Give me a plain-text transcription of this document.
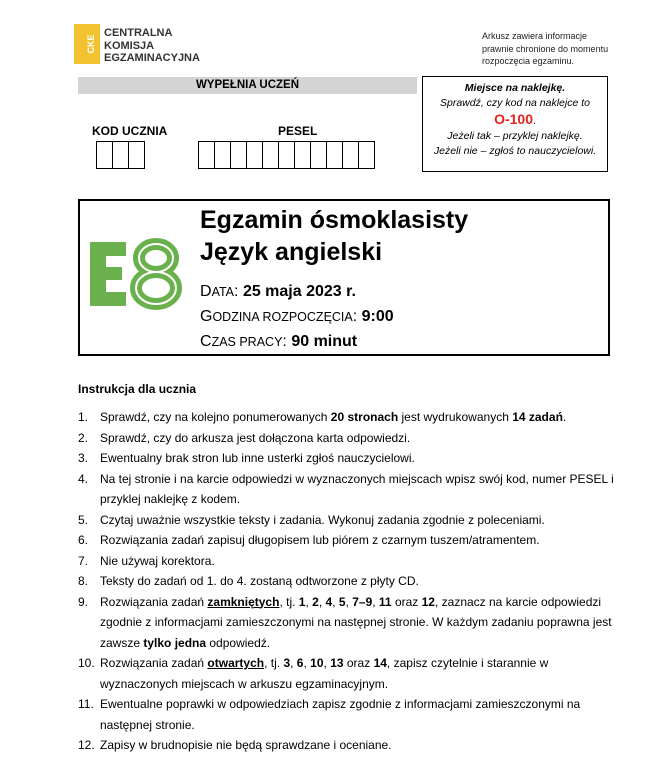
CKE
CENTRALNA
KOMISJA
EGZAMINACYJNA
Arkusz zawiera informacje
prawnie chronione do momentu
rozpoczęcia egzaminu.
WYPEŁNIA UCZEŃ
KOD UCZNIA	PESEL
Miejsce na naklejkę.
Sprawdź, czy kod na naklejce to
O-100.
Jeżeli tak – przyklej naklejkę.
Jeżeli nie – zgłoś to nauczycielowi.
E8
Egzamin ósmoklasisty
Język angielski
DATA: 25 maja 2023 r.
GODZINA ROZPOCZĘCIA: 9:00
CZAS PRACY: 90 minut
Instrukcja dla ucznia
1. Sprawdź, czy na kolejno ponumerowanych 20 stronach jest wydrukowanych 14 zadań.
2. Sprawdź, czy do arkusza jest dołączona karta odpowiedzi.
3. Ewentualny brak stron lub inne usterki zgłoś nauczycielowi.
4. Na tej stronie i na karcie odpowiedzi w wyznaczonych miejscach wpisz swój kod, numer PESEL i przyklej naklejkę z kodem.
5. Czytaj uważnie wszystkie teksty i zadania. Wykonuj zadania zgodnie z poleceniami.
6. Rozwiązania zadań zapisuj długopisem lub piórem z czarnym tuszem/atramentem.
7. Nie używaj korektora.
8. Teksty do zadań od 1. do 4. zostaną odtworzone z płyty CD.
9. Rozwiązania zadań zamkniętych, tj. 1, 2, 4, 5, 7–9, 11 oraz 12, zaznacz na karcie odpowiedzi zgodnie z informacjami zamieszczonymi na następnej stronie. W każdym zadaniu poprawna jest zawsze tylko jedna odpowiedź.
10. Rozwiązania zadań otwartych, tj. 3, 6, 10, 13 oraz 14, zapisz czytelnie i starannie w wyznaczonych miejscach w arkuszu egzaminacyjnym.
11. Ewentualne poprawki w odpowiedziach zapisz zgodnie z informacjami zamieszczonymi na następnej stronie.
12. Zapisy w brudnopisie nie będą sprawdzane i oceniane.
